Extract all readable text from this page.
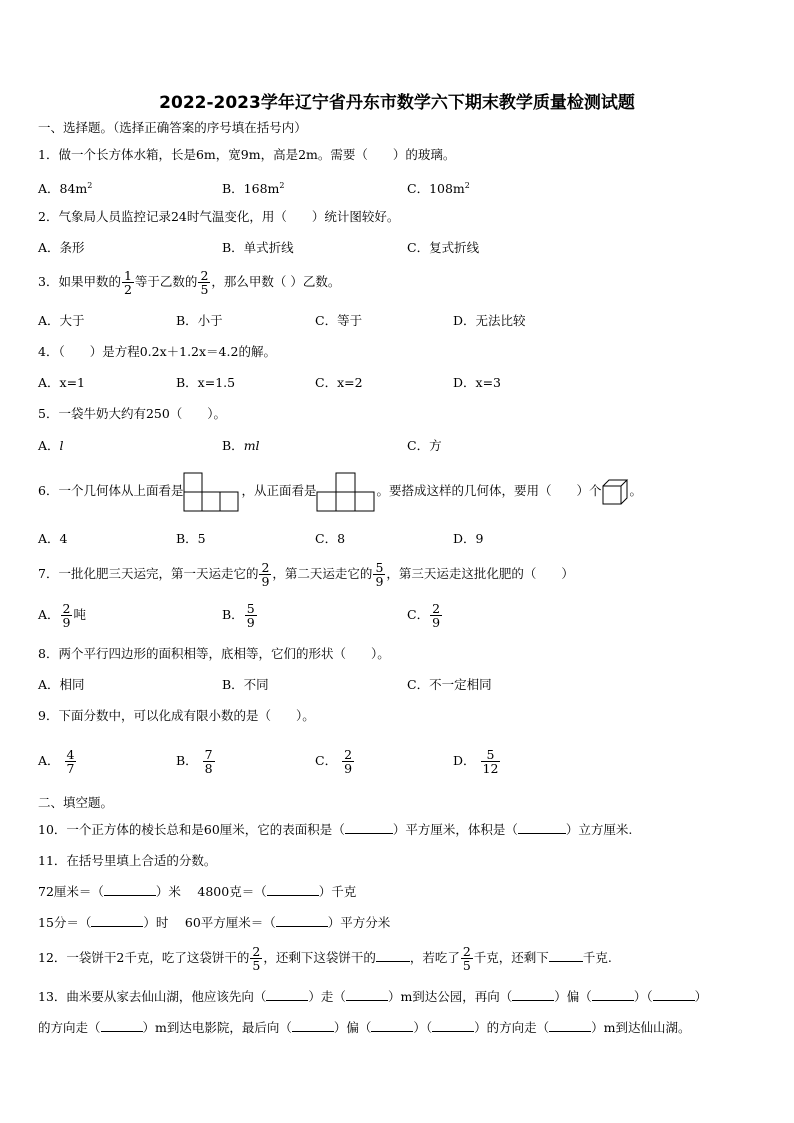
2022-2023学年辽宁省丹东市数学六下期末教学质量检测试题
一、选择题。（选择正确答案的序号填在括号内）
1．做一个长方体水箱，长是6m，宽9m，高是2m。需要（　　）的玻璃。
A．$84m^2$	B．$168m^2$	C．$108m^2$
2．气象局人员监控记录24时气温变化，用（　　）统计图较好。
A．条形	B．单式折线	C．复式折线
3．如果甲数的 $\frac{1}{2}$ 等于乙数的 $\frac{2}{5}$ ，那么甲数（ ）乙数。
A．大于	B．小于	C．等于	D．无法比较
4．（　　）是方程0.2x＋1.2x＝4.2的解。
A．x=1	B．x=1.5	C．x=2	D．x=3
5．一袋牛奶大约有250（　　）。
A．l	B．ml	C．方
6．一个几何体从上面看是	，从正面看是	。要搭成这样的几何体，要用（　　）个 。
A．4	B．5	C．8	D．9
7．一批化肥三天运完，第一天运走它的 $\frac{2}{9}$ ，第二天运走它的 $\frac{5}{9}$ ，第三天运走这批化肥的（　　）
A． $\frac{2}{9}$ 吨	B． $\frac{5}{9}$	C． $\frac{2}{9}$
8．两个平行四边形的面积相等，底相等，它们的形状（　　）。
A．相同	B．不同	C．不一定相同
9．下面分数中，可以化成有限小数的是（　　）。
A． $\frac{4}{7}$	B． $\frac{7}{8}$	C． $\frac{2}{9}$	D． $\frac{5}{12}$
二、填空题。
10．一个正方体的棱长总和是60厘米，它的表面积是（	）平方厘米，体积是（	）立方厘米.
11．在括号里填上合适的分数。
72厘米＝（	）米　 4800克＝（	）千克
15分＝（	）时　 60平方厘米＝（	）平方分米
12．一袋饼干2千克，吃了这袋饼干的 $\frac{2}{5}$ ，还剩下这袋饼干的	，若吃了 $\frac{2}{5}$ 千克，还剩下	千克.
13．曲米要从家去仙山湖，他应该先向（	）走（	）m到达公园，再向（	）偏（	）（	）
的方向走（	）m到达电影院，最后向（	）偏（	）（	）的方向走（	）m到达仙山湖。
